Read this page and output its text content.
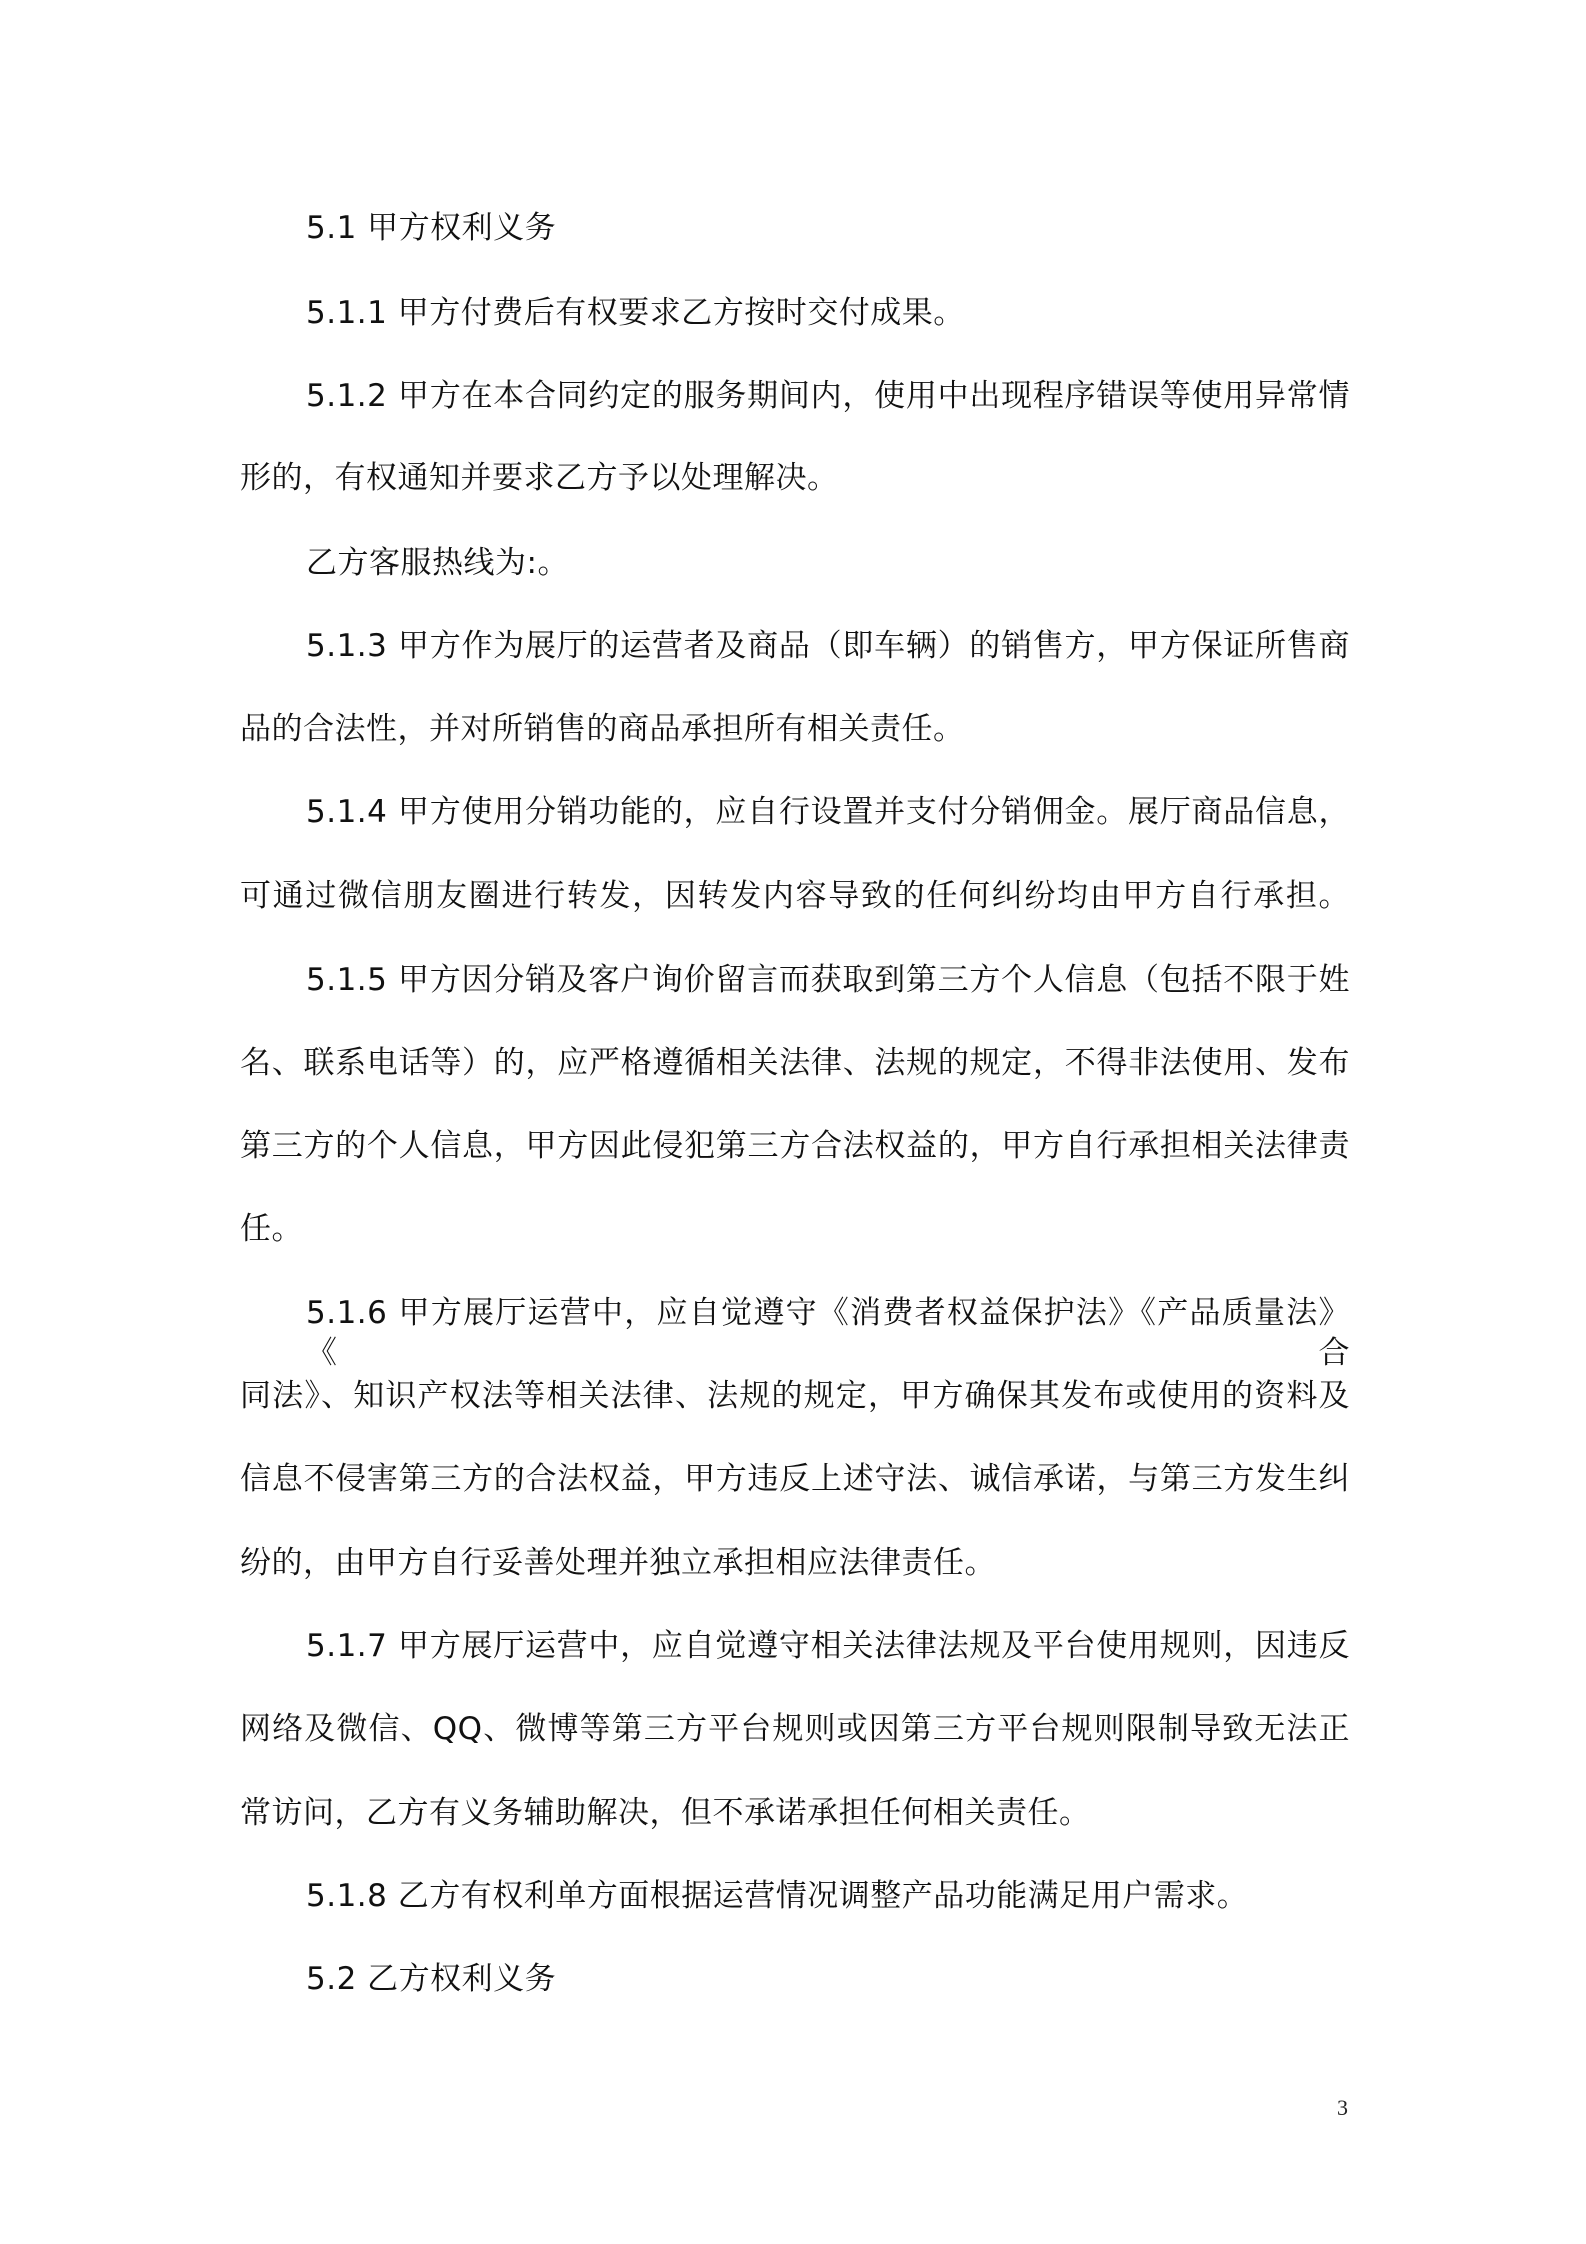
5.1 甲方权利义务
5.1.1 甲方付费后有权要求乙方按时交付成果。
5.1.2 甲方在本合同约定的服务期间内，使用中出现程序错误等使用异常情
形的，有权通知并要求乙方予以处理解决。
乙方客服热线为:。
5.1.3 甲方作为展厅的运营者及商品（即车辆）的销售方，甲方保证所售商
品的合法性，并对所销售的商品承担所有相关责任。
5.1.4 甲方使用分销功能的，应自行设置并支付分销佣金。展厅商品信息，
可通过微信朋友圈进行转发，因转发内容导致的任何纠纷均由甲方自行承担。
5.1.5 甲方因分销及客户询价留言而获取到第三方个人信息（包括不限于姓
名、联系电话等）的，应严格遵循相关法律、法规的规定，不得非法使用、发布
第三方的个人信息，甲方因此侵犯第三方合法权益的，甲方自行承担相关法律责
任。
5.1.6 甲方展厅运营中，应自觉遵守《消费者权益保护法》《产品质量法》《合
同法》、知识产权法等相关法律、法规的规定，甲方确保其发布或使用的资料及
信息不侵害第三方的合法权益，甲方违反上述守法、诚信承诺，与第三方发生纠
纷的，由甲方自行妥善处理并独立承担相应法律责任。
5.1.7 甲方展厅运营中，应自觉遵守相关法律法规及平台使用规则，因违反
网络及微信、QQ、微博等第三方平台规则或因第三方平台规则限制导致无法正
常访问，乙方有义务辅助解决，但不承诺承担任何相关责任。
5.1.8 乙方有权利单方面根据运营情况调整产品功能满足用户需求。
5.2 乙方权利义务
3
